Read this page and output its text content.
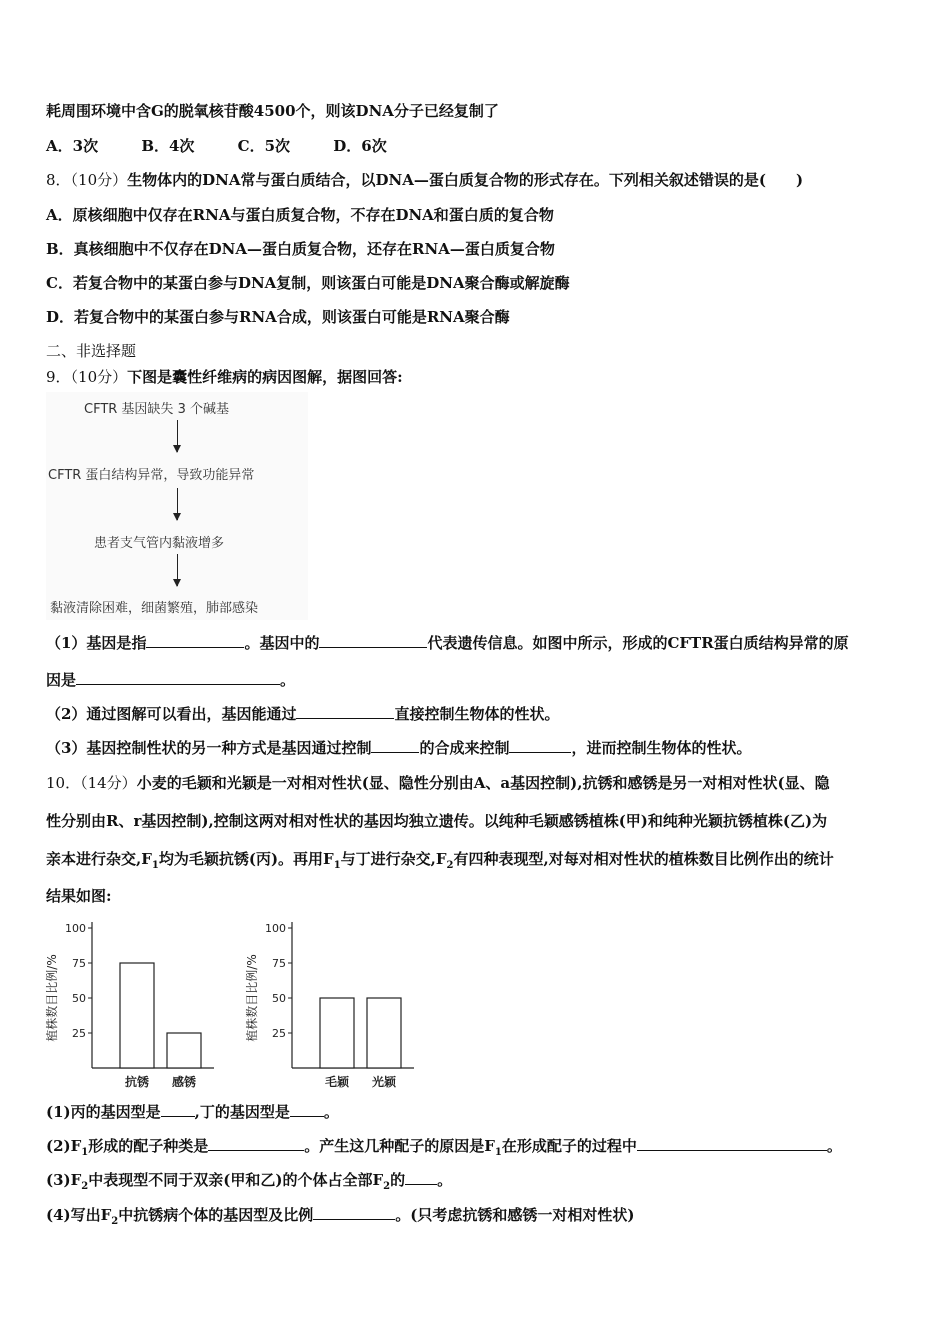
耗周围环境中含G的脱氧核苷酸4500个，则该DNA分子已经复制了
A．3次	B．4次	C．5次	D．6次
8．（10分）生物体内的DNA常与蛋白质结合，以DNA—蛋白质复合物的形式存在。下列相关叙述错误的是(　　)
A．原核细胞中仅存在RNA与蛋白质复合物，不存在DNA和蛋白质的复合物
B．真核细胞中不仅存在DNA—蛋白质复合物，还存在RNA—蛋白质复合物
C．若复合物中的某蛋白参与DNA复制，则该蛋白可能是DNA聚合酶或解旋酶
D．若复合物中的某蛋白参与RNA合成，则该蛋白可能是RNA聚合酶
二、非选择题
9．（10分）下图是囊性纤维病的病因图解，据图回答:
CFTR 基因缺失 3 个碱基
CFTR 蛋白结构异常，导致功能异常
患者支气管内黏液增多
黏液清除困难，细菌繁殖，肺部感染
（1）基因是指	。基因中的	代表遗传信息。如图中所示，形成的CFTR蛋白质结构异常的原
因是	。
（2）通过图解可以看出，基因能通过	直接控制生物体的性状。
（3）基因控制性状的另一种方式是基因通过控制	的合成来控制	，进而控制生物体的性状。
10．（14分）小麦的毛颖和光颖是一对相对性状(显、隐性分别由A、a基因控制),抗锈和感锈是另一对相对性状(显、隐
性分别由R、r基因控制),控制这两对相对性状的基因均独立遗传。以纯种毛颖感锈植株(甲)和纯种光颖抗锈植株(乙)为
亲本进行杂交$,F_1$均为毛颖抗锈(丙)。再用$F_1$与丁进行杂交$,F_2$有四种表现型,对每对相对性状的植株数目比例作出的统计
结果如图:
植株数目比例/% 25
50
75
100
抗锈 感锈
植株数目比例/% 25
50
75
100
毛颖 光颖
(1)丙的基因型是 ,丁的基因型是 。
$(2)F_1$形成的配子种类是	。产生这几种配子的原因是$F_1$在形成配子的过程中	。
$(3)F_2$中表现型不同于双亲(甲和乙)的个体占全部$F_2$的 。
(4)写出$F_2$中抗锈病个体的基因型及比例	。(只考虑抗锈和感锈一对相对性状)
